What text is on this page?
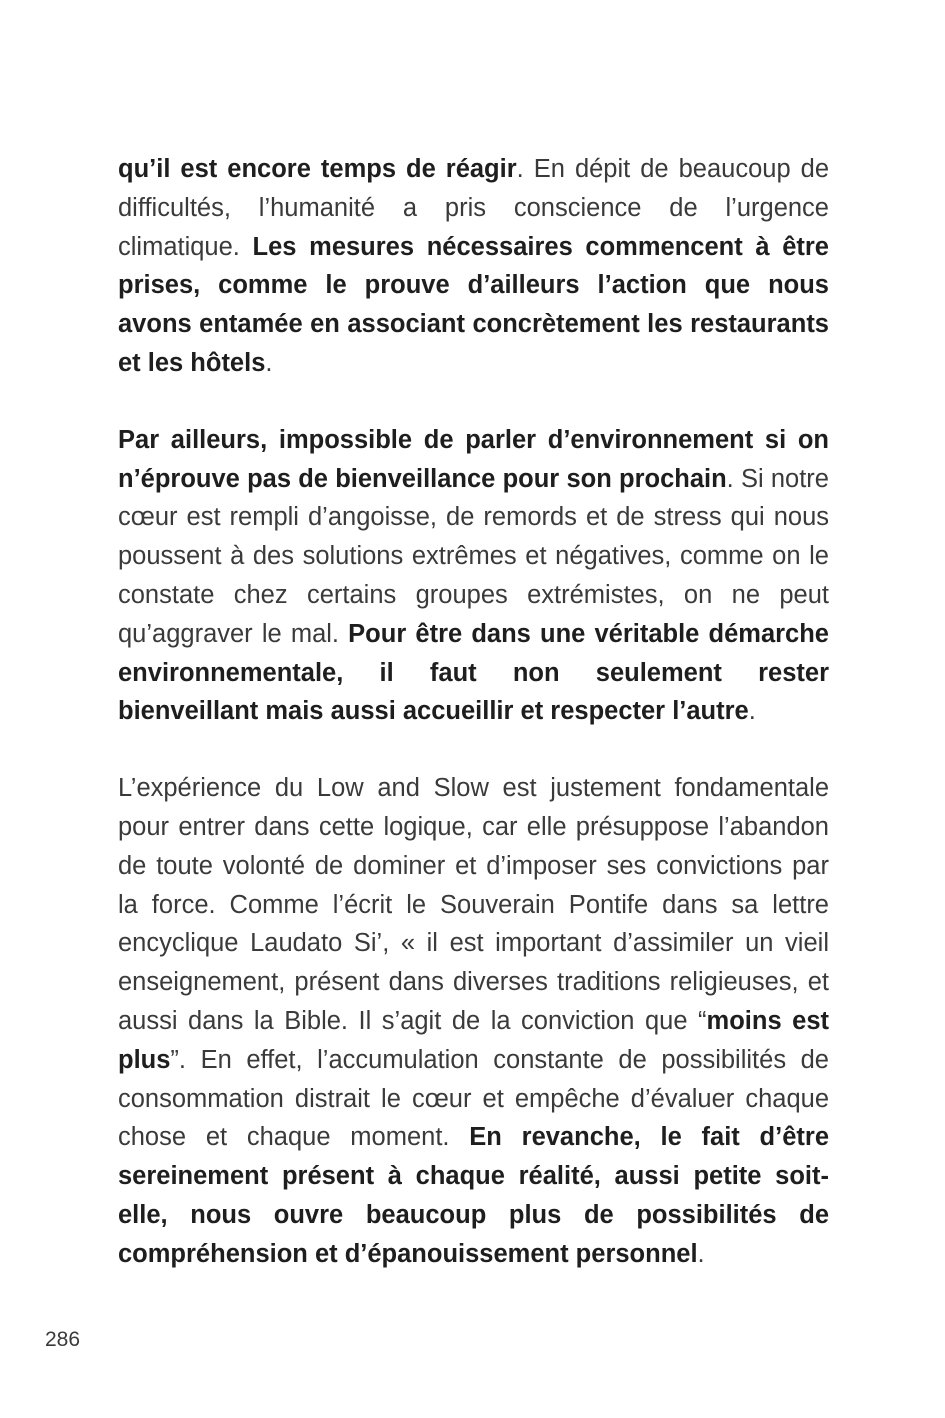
qu’il est encore temps de réagir. En dépit de beaucoup de difficultés, l’humanité a pris conscience de l’urgence climatique. Les mesures nécessaires commencent à être prises, comme le prouve d’ailleurs l’action que nous avons entamée en associant concrètement les restaurants et les hôtels.

Par ailleurs, impossible de parler d’environnement si on n’éprouve pas de bienveillance pour son prochain. Si notre cœur est rempli d’angoisse, de remords et de stress qui nous poussent à des solutions extrêmes et négatives, comme on le constate chez certains groupes extrémistes, on ne peut qu’aggraver le mal. Pour être dans une véritable démarche environnementale, il faut non seulement rester bienveillant mais aussi accueillir et respecter l’autre.

L’expérience du Low and Slow est justement fondamentale pour entrer dans cette logique, car elle présuppose l’abandon de toute volonté de dominer et d’imposer ses convictions par la force. Comme l’écrit le Souverain Pontife dans sa lettre encyclique Laudato Si’, « il est important d’assimiler un vieil enseignement, présent dans diverses traditions religieuses, et aussi dans la Bible. Il s’agit de la conviction que “moins est plus”. En effet, l’accumulation constante de possibilités de consommation distrait le cœur et empêche d’évaluer chaque chose et chaque moment. En revanche, le fait d’être sereinement présent à chaque réalité, aussi petite soit-elle, nous ouvre beaucoup plus de possibilités de compréhension et d’épanouissement personnel.

286
